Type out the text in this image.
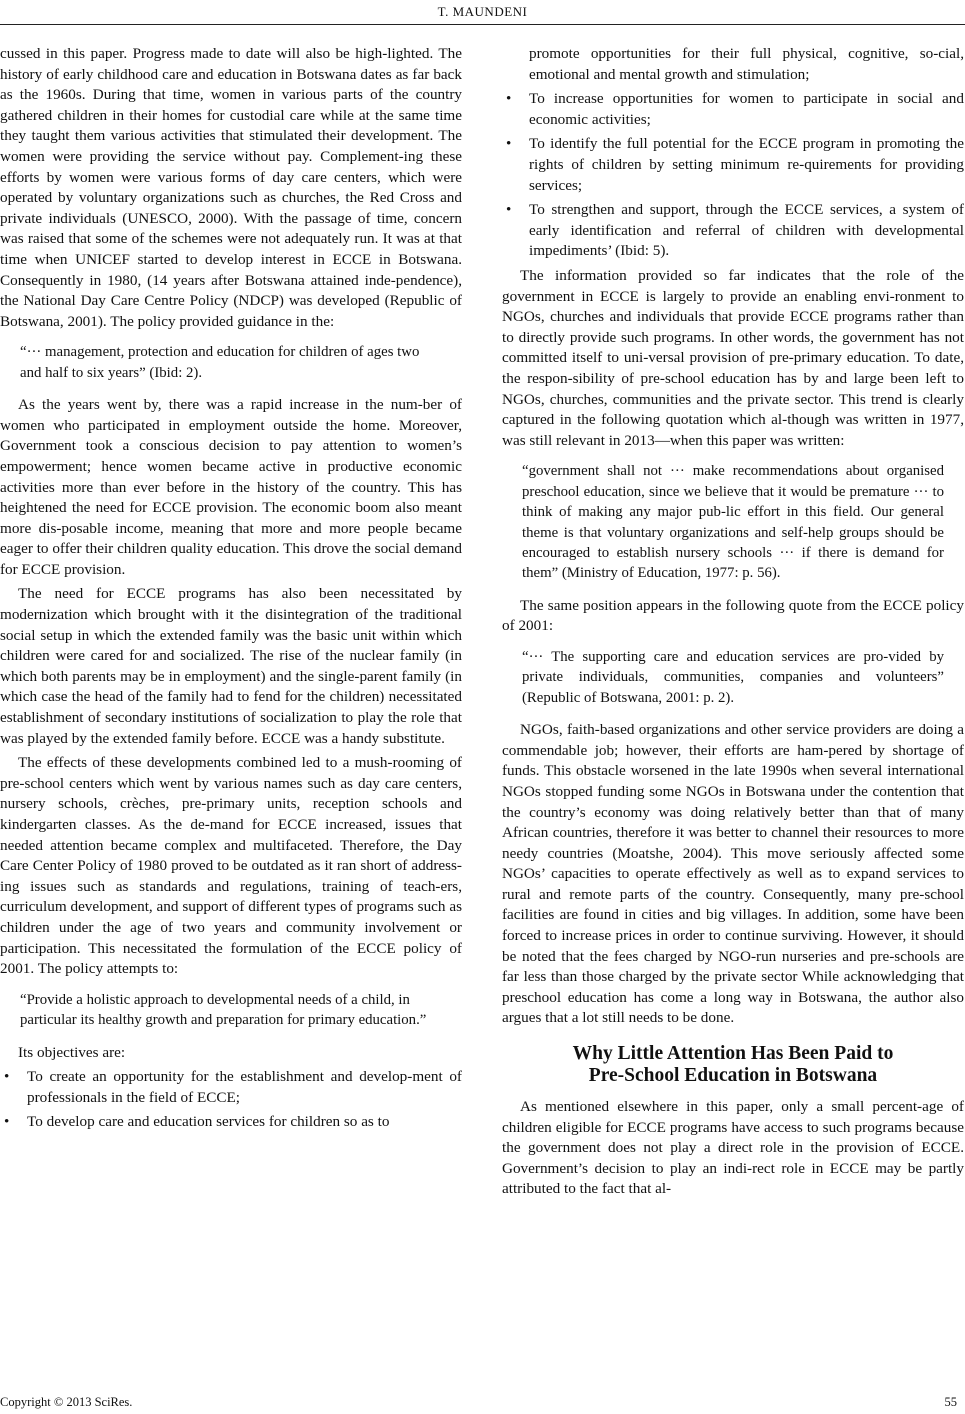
T. MAUNDENI

cussed in this paper. Progress made to date will also be high-lighted. The history of early childhood care and education in Botswana dates as far back as the 1960s. During that time, women in various parts of the country gathered children in their homes for custodial care while at the same time they taught them various activities that stimulated their development. The women were providing the service without pay. Complement-ing these efforts by women were various forms of day care centers, which were operated by voluntary organizations such as churches, the Red Cross and private individuals (UNESCO, 2000). With the passage of time, concern was raised that some of the schemes were not adequately run. It was at that time when UNICEF started to develop interest in ECCE in Botswana. Consequently in 1980, (14 years after Botswana attained inde-pendence), the National Day Care Centre Policy (NDCP) was developed (Republic of Botswana, 2001). The policy provided guidance in the:

“··· management, protection and education for children of ages two and half to six years” (Ibid: 2).

As the years went by, there was a rapid increase in the num-ber of women who participated in employment outside the home. Moreover, Government took a conscious decision to pay attention to women’s empowerment; hence women became active in productive economic activities more than ever before in the history of the country. This has heightened the need for ECCE provision. The economic boom also meant more dis-posable income, meaning that more and more people became eager to offer their children quality education. This drove the social demand for ECCE provision.

The need for ECCE programs has also been necessitated by modernization which brought with it the disintegration of the traditional social setup in which the extended family was the basic unit within which children were cared for and socialized. The rise of the nuclear family (in which both parents may be in employment) and the single-parent family (in which case the head of the family had to fend for the children) necessitated establishment of secondary institutions of socialization to play the role that was played by the extended family before. ECCE was a handy substitute.

The effects of these developments combined led to a mush-rooming of pre-school centers which went by various names such as day care centers, nursery schools, crèches, pre-primary units, reception schools and kindergarten classes. As the de-mand for ECCE increased, issues that needed attention became complex and multifaceted. Therefore, the Day Care Center Policy of 1980 proved to be outdated as it ran short of address-ing issues such as standards and regulations, training of teach-ers, curriculum development, and support of different types of programs such as children under the age of two years and community involvement or participation. This necessitated the formulation of the ECCE policy of 2001. The policy attempts to:

“Provide a holistic approach to developmental needs of a child, in particular its healthy growth and preparation for primary education.”

Its objectives are:

• To create an opportunity for the establishment and develop-ment of professionals in the field of ECCE;
• To develop care and education services for children so as to
promote opportunities for their full physical, cognitive, so-cial, emotional and mental growth and stimulation;
• To increase opportunities for women to participate in social and economic activities;
• To identify the full potential for the ECCE program in promoting the rights of children by setting minimum re-quirements for providing services;
• To strengthen and support, through the ECCE services, a system of early identification and referral of children with developmental impediments’ (Ibid: 5).

The information provided so far indicates that the role of the government in ECCE is largely to provide an enabling envi-ronment to NGOs, churches and individuals that provide ECCE programs rather than to directly provide such programs. In other words, the government has not committed itself to uni-versal provision of pre-primary education. To date, the respon-sibility of pre-school education has by and large been left to NGOs, churches, communities and the private sector. This trend is clearly captured in the following quotation which al-though was written in 1977, was still relevant in 2013—when this paper was written:

“government shall not ··· make recommendations about organised preschool education, since we believe that it would be premature ··· to think of making any major pub-lic effort in this field. Our general theme is that voluntary organizations and self-help groups should be encouraged to establish nursery schools ··· if there is demand for them” (Ministry of Education, 1977: p. 56).

The same position appears in the following quote from the ECCE policy of 2001:

“··· The supporting care and education services are pro-vided by private individuals, communities, companies and volunteers” (Republic of Botswana, 2001: p. 2).

NGOs, faith-based organizations and other service providers are doing a commendable job; however, their efforts are ham-pered by shortage of funds. This obstacle worsened in the late 1990s when several international NGOs stopped funding some NGOs in Botswana under the contention that the country’s economy was doing relatively better than that of many African countries, therefore it was better to channel their resources to more needy countries (Moatshe, 2004). This move seriously affected some NGOs’ capacities to operate effectively as well as to expand services to rural and remote parts of the country. Consequently, many pre-school facilities are found in cities and big villages. In addition, some have been forced to increase prices in order to continue surviving. However, it should be noted that the fees charged by NGO-run nurseries and pre-schools are far less than those charged by the private sector While acknowledging that preschool education has come a long way in Botswana, the author also argues that a lot still needs to be done.

Why Little Attention Has Been Paid to
Pre-School Education in Botswana

As mentioned elsewhere in this paper, only a small percent-age of children eligible for ECCE programs have access to such programs because the government does not play a direct role in the provision of ECCE. Government’s decision to play an indi-rect role in ECCE may be partly attributed to the fact that al-

Copyright © 2013 SciRes.	55
